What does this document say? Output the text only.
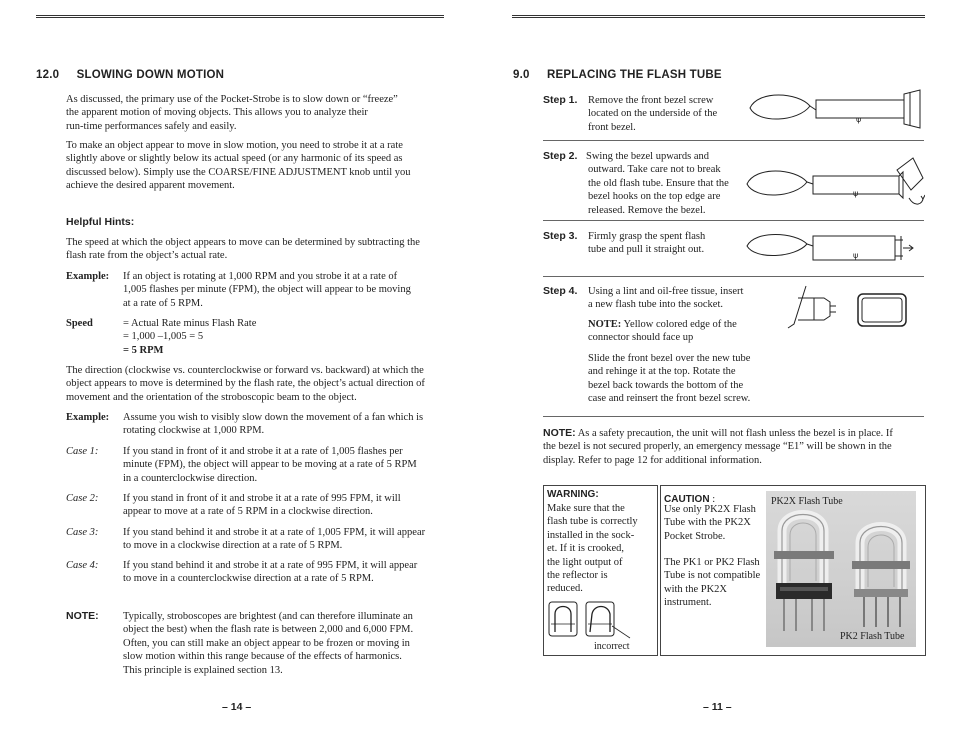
12.0 SLOWING DOWN MOTION
As discussed, the primary use of the Pocket-Strobe is to slow down or “freeze”
the apparent motion of moving objects. This allows you to analyze their
run-time performances safely and easily.
To make an object appear to move in slow motion, you need to strobe it at a rate
slightly above or slightly below its actual speed (or any harmonic of its speed as
discussed below). Simply use the COARSE/FINE ADJUSTMENT knob until you
achieve the desired apparent movement.
Helpful Hints:
The speed at which the object appears to move can be determined by subtracting the
flash rate from the object’s actual rate.
Example: If an object is rotating at 1,000 RPM and you strobe it at a rate of
1,005 flashes per minute (FPM), the object will appear to be moving
at a rate of 5 RPM.
Speed	= Actual Rate minus Flash Rate
= 1,000 –1,005 = 5
= 5 RPM
The direction (clockwise vs. counterclockwise or forward vs. backward) at which the
object appears to move is determined by the flash rate, the object’s actual direction of
movement and the orientation of the stroboscopic beam to the object.
Example: Assume you wish to visibly slow down the movement of a fan which is
rotating clockwise at 1,000 RPM.
Case 1: If you stand in front of it and strobe it at a rate of 1,005 flashes per
minute (FPM), the object will appear to be moving at a rate of 5 RPM
in a counterclockwise direction.
Case 2: If you stand in front of it and strobe it at a rate of 995 FPM, it will
appear to move at a rate of 5 RPM in a clockwise direction.
Case 3: If you stand behind it and strobe it at a rate of 1,005 FPM, it will appear
to move in a clockwise direction at a rate of 5 RPM.
Case 4: If you stand behind it and strobe it at a rate of 995 FPM, it will appear
to move in a counterclockwise direction at a rate of 5 RPM.
NOTE: Typically, stroboscopes are brightest (and can therefore illuminate an
object the best) when the flash rate is between 2,000 and 6,000 FPM.
Often, you can still make an object appear to be frozen or moving in
slow motion within this range because of the effects of harmonics.
This principle is explained section 13.
– 14 –
9.0 REPLACING THE FLASH TUBE
Step 1. Remove the front bezel screw
located on the underside of the
front bezel.
ψ
Step 2. Swing the bezel upwards and
outward. Take care not to break
the old flash tube. Ensure that the
bezel hooks on the top edge are
released. Remove the bezel.
ψ
Step 3. Firmly grasp the spent flash
tube and pull it straight out.
ψ
Step 4. Using a lint and oil-free tissue, insert
a new flash tube into the socket.
NOTE: Yellow colored edge of the
connector should face up
Slide the front bezel over the new tube
and rehinge it at the top. Rotate the
bezel back towards the bottom of the
case and reinsert the front bezel screw.
NOTE: As a safety precaution, the unit will not flash unless the bezel is in place. If
the bezel is not secured properly, an emergency message “E1” will be shown in the
display. Refer to page 12 for additional information.
WARNING:
Make sure that the
flash tube is correctly
installed in the sock-
et. If it is crooked,
the light output of
the reflector is
reduced.
incorrect
CAUTION :
Use only PK2X Flash
Tube with the PK2X
Pocket Strobe.
The PK1 or PK2 Flash
Tube is not compatible
with the PK2X
instrument.
PK2X Flash Tube
PK2 Flash Tube
– 11 –
